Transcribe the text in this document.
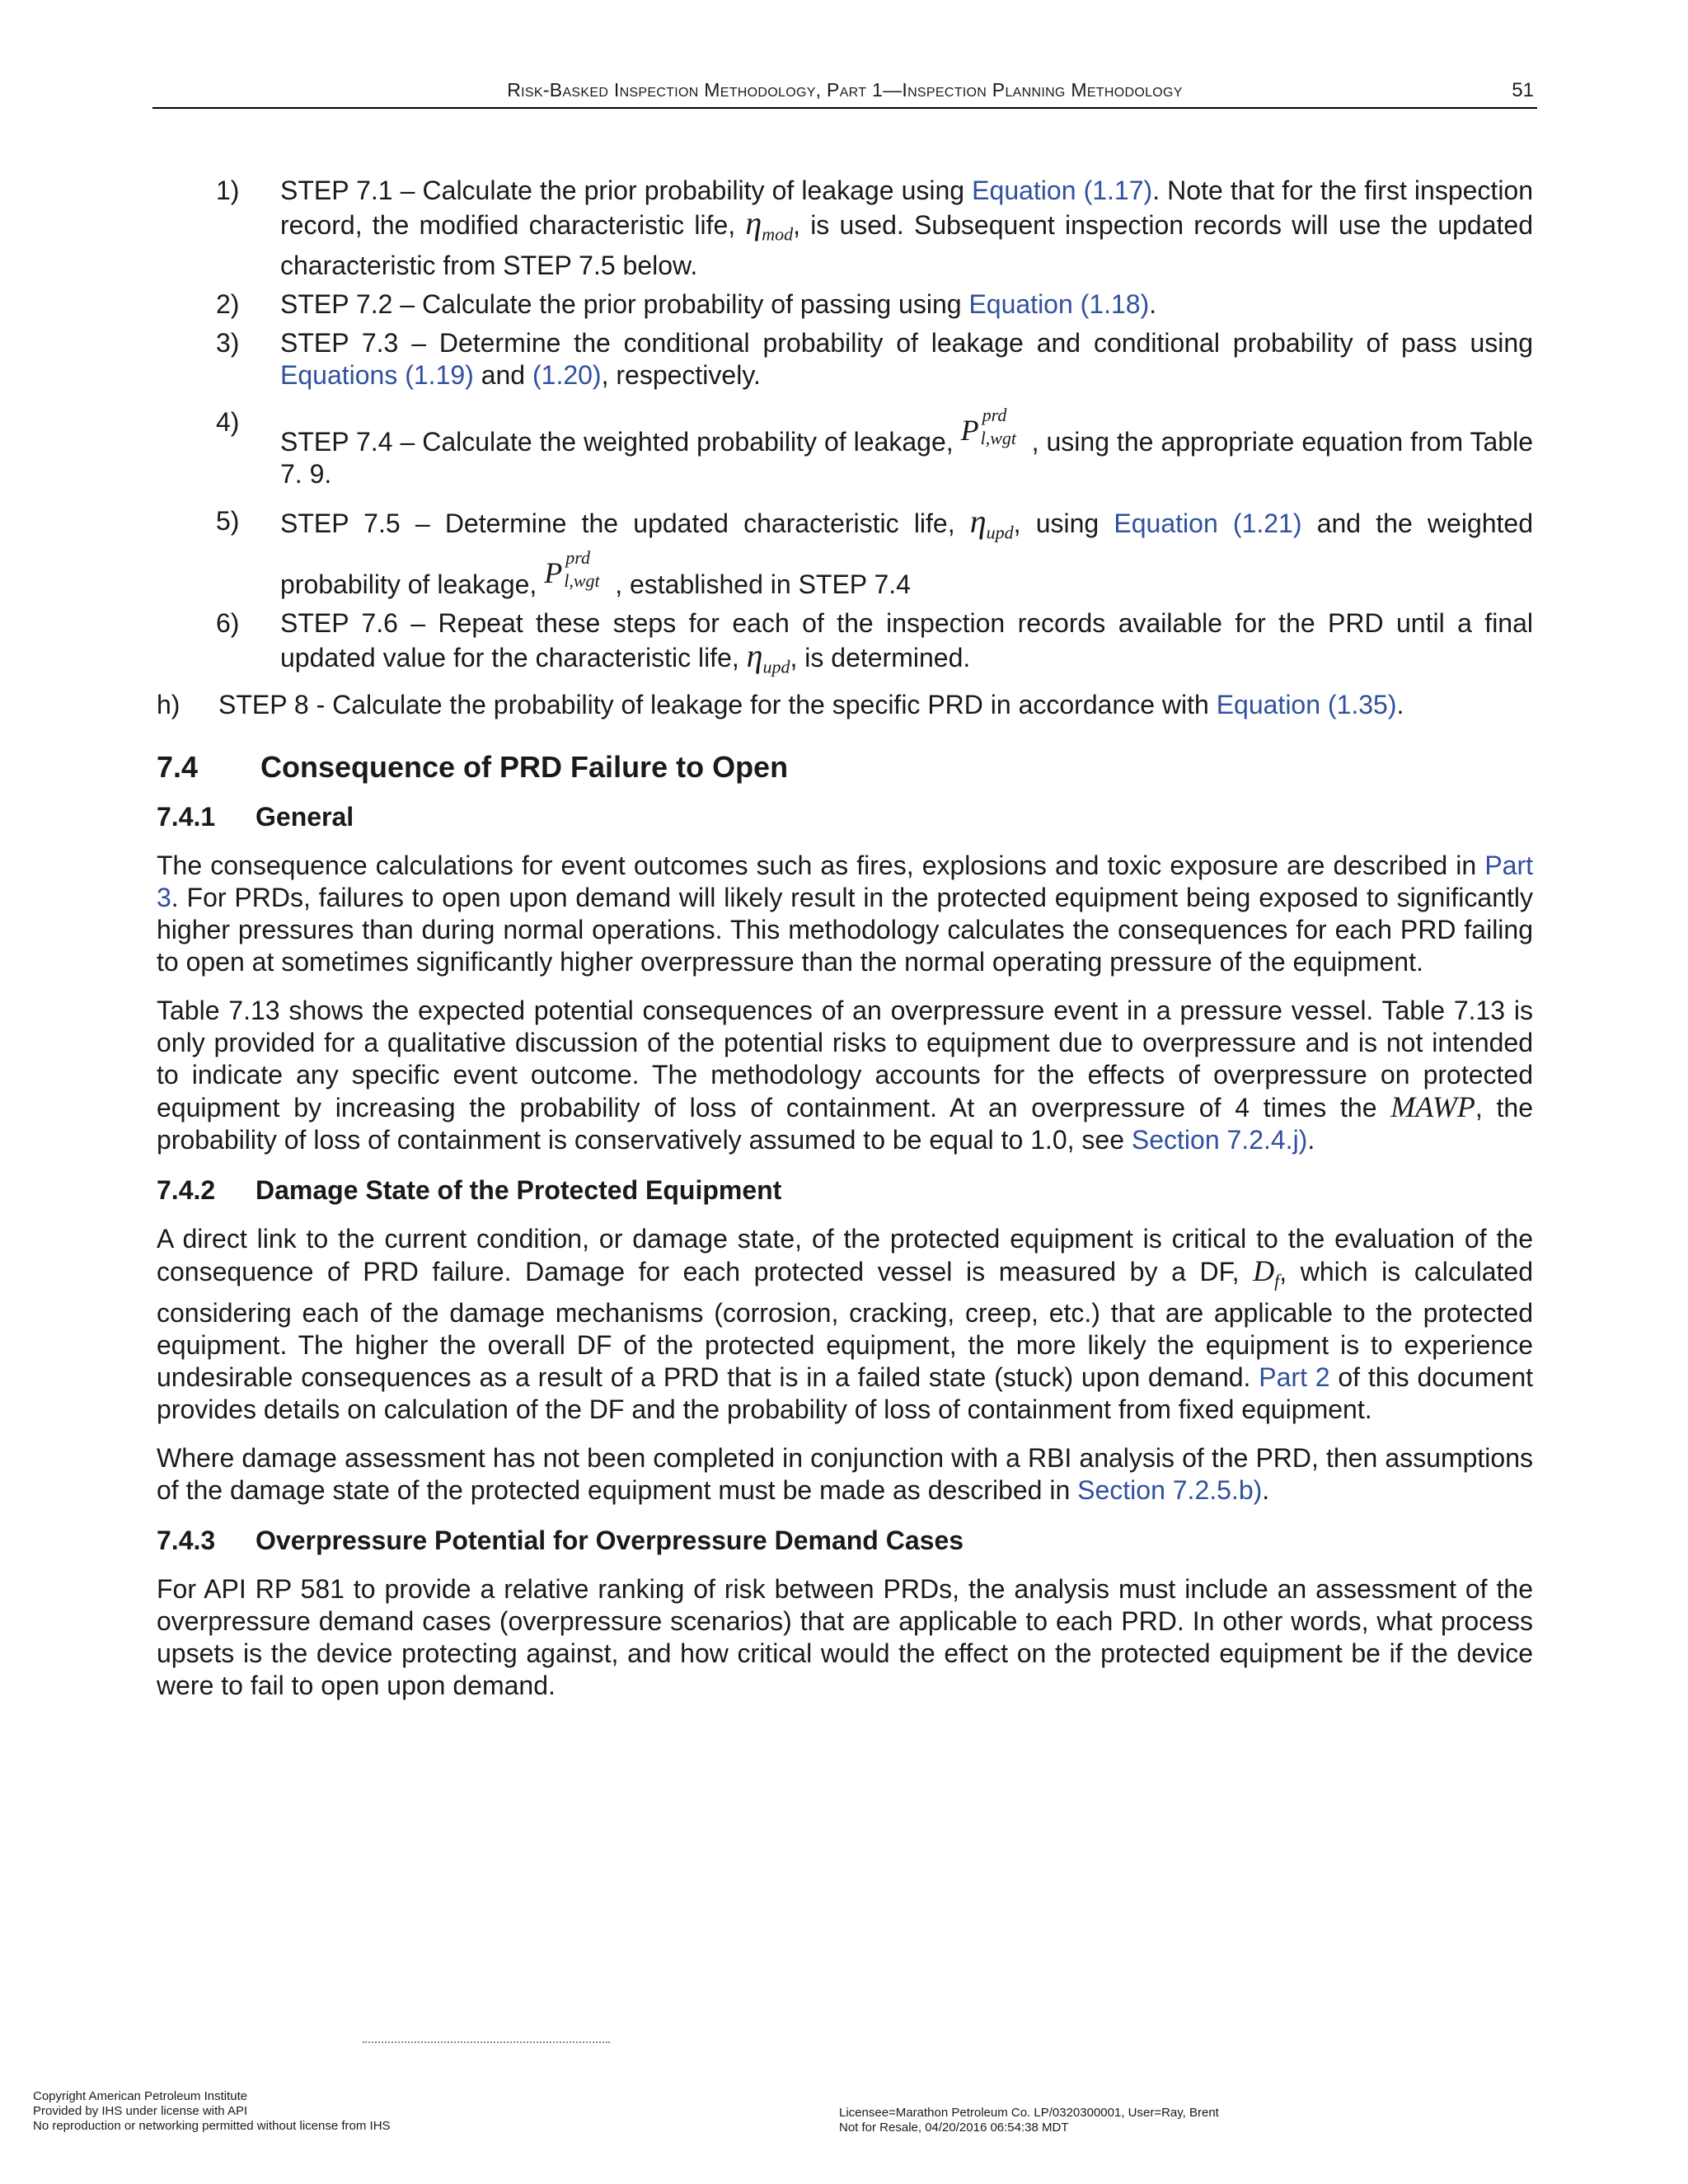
Risk-Basked Inspection Methodology, Part 1—Inspection Planning Methodology	51
1) STEP 7.1 – Calculate the prior probability of leakage using Equation (1.17). Note that for the first inspection record, the modified characteristic life, $\eta_{mod}$, is used. Subsequent inspection records will use the updated characteristic from STEP 7.5 below.
2) STEP 7.2 – Calculate the prior probability of passing using Equation (1.18).
3) STEP 7.3 – Determine the conditional probability of leakage and conditional probability of pass using Equations (1.19) and (1.20), respectively.
4)
STEP 7.4 – Calculate the weighted probability of leakage, P prd
l,wgt , using the appropriate equation from Table 7. 9.
5) STEP 7.5 – Determine the updated characteristic life, $\eta_{upd}$, using Equation (1.21) and the weighted probability of leakage, P prd
l,wgt , established in STEP 7.4
6) STEP 7.6 – Repeat these steps for each of the inspection records available for the PRD until a final updated value for the characteristic life, $\eta_{upd}$, is determined.
h) STEP 8 - Calculate the probability of leakage for the specific PRD in accordance with Equation (1.35).
7.4 Consequence of PRD Failure to Open
7.4.1 General

The consequence calculations for event outcomes such as fires, explosions and toxic exposure are described in Part 3. For PRDs, failures to open upon demand will likely result in the protected equipment being exposed to significantly higher pressures than during normal operations. This methodology calculates the consequences for each PRD failing to open at sometimes significantly higher overpressure than the normal operating pressure of the equipment.

Table 7.13 shows the expected potential consequences of an overpressure event in a pressure vessel. Table 7.13 is only provided for a qualitative discussion of the potential risks to equipment due to overpressure and is not intended to indicate any specific event outcome. The methodology accounts for the effects of overpressure on protected equipment by increasing the probability of loss of containment. At an overpressure of 4 times the MAWP, the probability of loss of containment is conservatively assumed to be equal to 1.0, see Section 7.2.4.j).

7.4.2 Damage State of the Protected Equipment

A direct link to the current condition, or damage state, of the protected equipment is critical to the evaluation of the consequence of PRD failure. Damage for each protected vessel is measured by a DF, $D_f$, which is calculated considering each of the damage mechanisms (corrosion, cracking, creep, etc.) that are applicable to the protected equipment. The higher the overall DF of the protected equipment, the more likely the equipment is to experience undesirable consequences as a result of a PRD that is in a failed state (stuck) upon demand. Part 2 of this document provides details on calculation of the DF and the probability of loss of containment from fixed equipment.

Where damage assessment has not been completed in conjunction with a RBI analysis of the PRD, then assumptions of the damage state of the protected equipment must be made as described in Section 7.2.5.b).

7.4.3 Overpressure Potential for Overpressure Demand Cases

For API RP 581 to provide a relative ranking of risk between PRDs, the analysis must include an assessment of the overpressure demand cases (overpressure scenarios) that are applicable to each PRD. In other words, what process upsets is the device protecting against, and how critical would the effect on the protected equipment be if the device were to fail to open upon demand.

Copyright American Petroleum Institute
Provided by IHS under license with API
No reproduction or networking permitted without license from IHS
Licensee=Marathon Petroleum Co. LP/0320300001, User=Ray, Brent
Not for Resale, 04/20/2016 06:54:38 MDT
